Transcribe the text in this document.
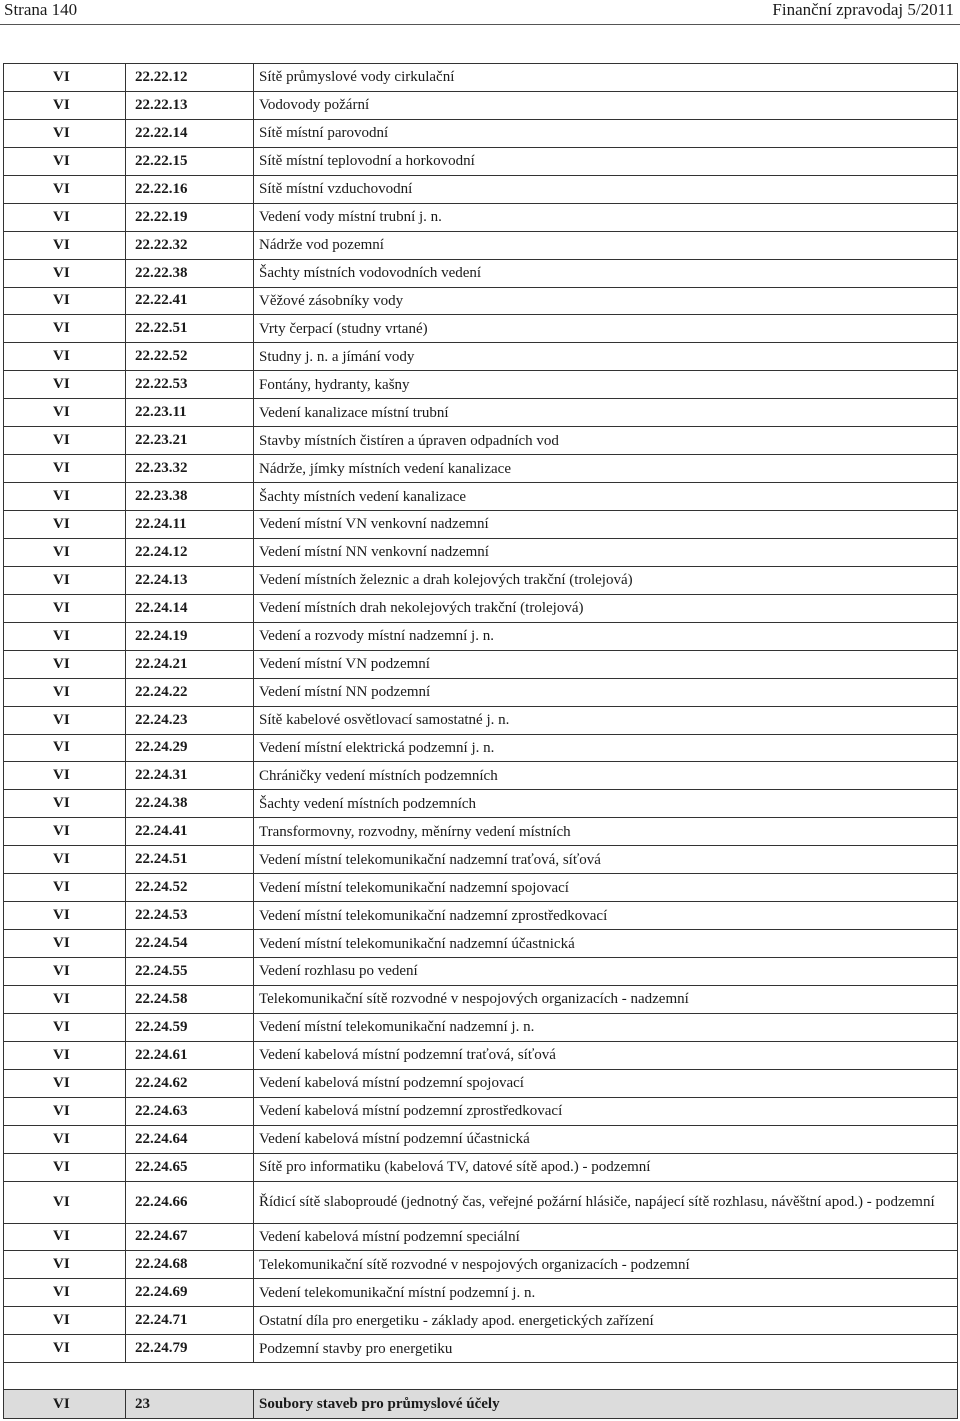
Strana 140	Finanční zpravodaj 5/2011
VI	22.22.12	Sítě průmyslové vody cirkulační
VI	22.22.13	Vodovody požární
VI	22.22.14	Sítě místní parovodní
VI	22.22.15	Sítě místní teplovodní a horkovodní
VI	22.22.16	Sítě místní vzduchovodní
VI	22.22.19	Vedení vody místní trubní j. n.
VI	22.22.32	Nádrže vod pozemní
VI	22.22.38	Šachty místních vodovodních vedení
VI	22.22.41	Věžové zásobníky vody
VI	22.22.51	Vrty čerpací (studny vrtané)
VI	22.22.52	Studny j. n. a jímání vody
VI	22.22.53	Fontány, hydranty, kašny
VI	22.23.11	Vedení kanalizace místní trubní
VI	22.23.21	Stavby místních čistíren a úpraven odpadních vod
VI	22.23.32	Nádrže, jímky místních vedení kanalizace
VI	22.23.38	Šachty místních vedení kanalizace
VI	22.24.11	Vedení místní VN venkovní nadzemní
VI	22.24.12	Vedení místní NN venkovní nadzemní
VI	22.24.13	Vedení místních železnic a drah kolejových trakční (trolejová)
VI	22.24.14	Vedení místních drah nekolejových trakční (trolejová)
VI	22.24.19	Vedení a rozvody místní nadzemní j. n.
VI	22.24.21	Vedení místní VN podzemní
VI	22.24.22	Vedení místní NN podzemní
VI	22.24.23	Sítě kabelové osvětlovací samostatné j. n.
VI	22.24.29	Vedení místní elektrická podzemní j. n.
VI	22.24.31	Chráničky vedení místních podzemních
VI	22.24.38	Šachty vedení místních podzemních
VI	22.24.41	Transformovny, rozvodny, měnírny vedení místních
VI	22.24.51	Vedení místní telekomunikační nadzemní traťová, síťová
VI	22.24.52	Vedení místní telekomunikační nadzemní spojovací
VI	22.24.53	Vedení místní telekomunikační nadzemní zprostředkovací
VI	22.24.54	Vedení místní telekomunikační nadzemní účastnická
VI	22.24.55	Vedení rozhlasu po vedení
VI	22.24.58	Telekomunikační sítě rozvodné v nespojových organizacích - nadzemní
VI	22.24.59	Vedení místní telekomunikační nadzemní j. n.
VI	22.24.61	Vedení kabelová místní podzemní traťová, síťová
VI	22.24.62	Vedení kabelová místní podzemní spojovací
VI	22.24.63	Vedení kabelová místní podzemní zprostředkovací
VI	22.24.64	Vedení kabelová místní podzemní účastnická
VI	22.24.65	Sítě pro informatiku (kabelová TV, datové sítě apod.) - podzemní
VI	22.24.66	Řídicí sítě slaboproudé (jednotný čas, veřejné požární hlásiče, napájecí sítě rozhlasu, návěštní apod.) - podzemní
VI	22.24.67	Vedení kabelová místní podzemní speciální
VI	22.24.68	Telekomunikační sítě rozvodné v nespojových organizacích - podzemní
VI	22.24.69	Vedení telekomunikační místní podzemní j. n.
VI	22.24.71	Ostatní díla pro energetiku - základy apod. energetických zařízení
VI	22.24.79	Podzemní stavby pro energetiku

VI	23	Soubory staveb pro průmyslové účely
